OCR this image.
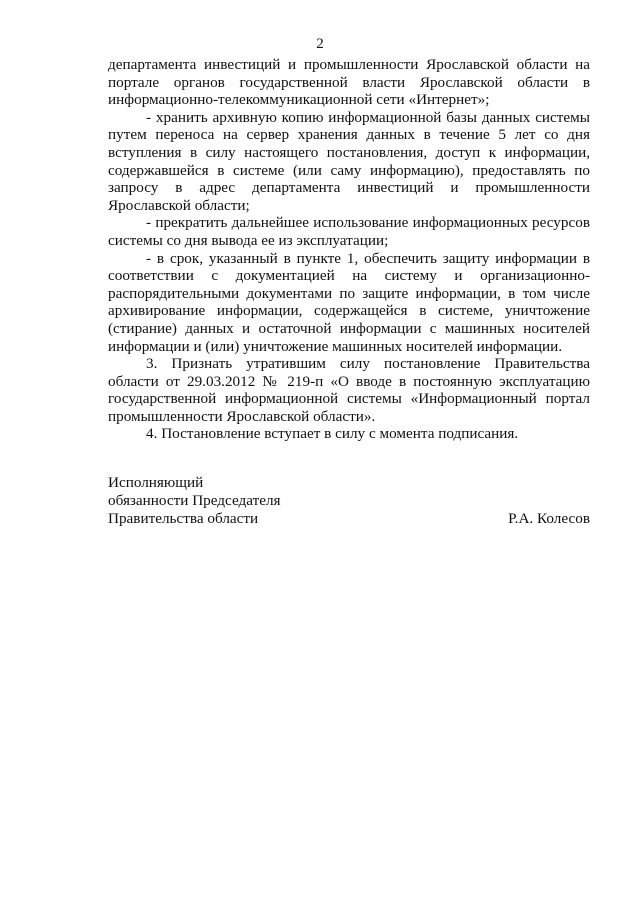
2

департамента инвестиций и промышленности Ярославской области на портале органов государственной власти Ярославской области в информационно-телекоммуникационной сети «Интернет»;

- хранить архивную копию информационной базы данных системы путем переноса на сервер хранения данных в течение 5 лет со дня вступления в силу настоящего постановления, доступ к информации, содержавшейся в системе (или саму информацию), предоставлять по запросу в адрес департамента инвестиций и промышленности Ярославской области;

- прекратить дальнейшее использование информационных ресурсов системы со дня вывода ее из эксплуатации;

- в срок, указанный в пункте 1, обеспечить защиту информации в соответствии с документацией на систему и организационно-распорядительными документами по защите информации, в том числе архивирование информации, содержащейся в системе, уничтожение (стирание) данных и остаточной информации с машинных носителей информации и (или) уничтожение машинных носителей информации.

3. Признать утратившим силу постановление Правительства области от 29.03.2012 № 219-п «О вводе в постоянную эксплуатацию государственной информационной системы «Информационный портал промышленности Ярославской области».

4. Постановление вступает в силу с момента подписания.

Исполняющий
обязанности Председателя
Правительства области	Р.А. Колесов
